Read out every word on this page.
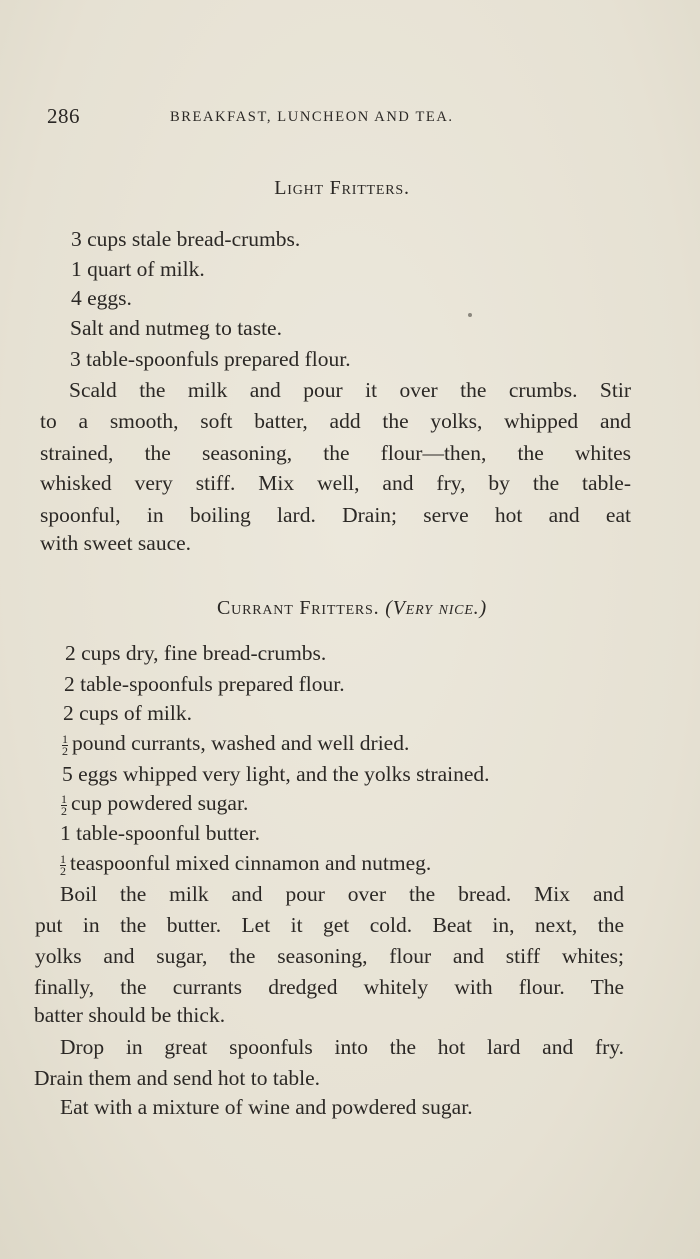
286	BREAKFAST, LUNCHEON AND TEA.
Light Fritters.
3 cups stale bread-crumbs.
1 quart of milk.
4 eggs.
Salt and nutmeg to taste.
3 table-spoonfuls prepared flour.
Scald the milk and pour it over the crumbs. Stir
to a smooth, soft batter, add the yolks, whipped and
strained, the seasoning, the flour—then, the whites
whisked very stiff. Mix well, and fry, by the table-
spoonful, in boiling lard. Drain; serve hot and eat
with sweet sauce.
Currant Fritters. (Very nice.)
2 cups dry, fine bread-crumbs.
2 table-spoonfuls prepared flour.
2 cups of milk.
$\frac{1}{2}$ pound currants, washed and well dried.
5 eggs whipped very light, and the yolks strained.
$\frac{1}{2}$ cup powdered sugar.
1 table-spoonful butter.
$\frac{1}{2}$ teaspoonful mixed cinnamon and nutmeg.
Boil the milk and pour over the bread. Mix and
put in the butter. Let it get cold. Beat in, next, the
yolks and sugar, the seasoning, flour and stiff whites;
finally, the currants dredged whitely with flour. The
batter should be thick.
Drop in great spoonfuls into the hot lard and fry.
Drain them and send hot to table.
Eat with a mixture of wine and powdered sugar.
